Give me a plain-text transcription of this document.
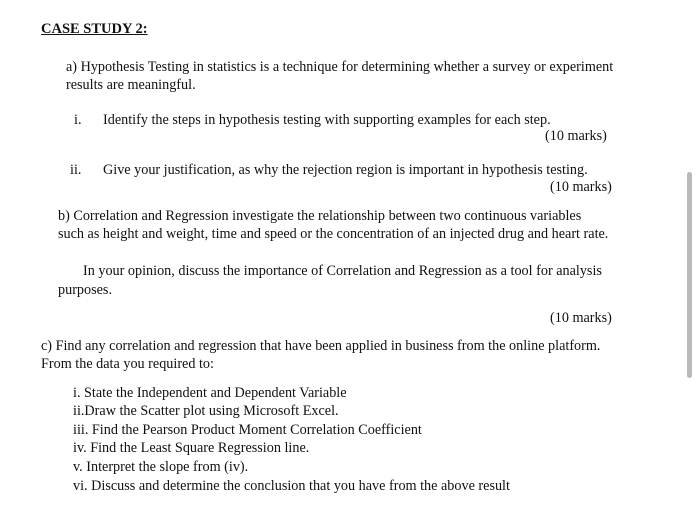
CASE STUDY 2:
a) Hypothesis Testing in statistics is a technique for determining whether a survey or experiment
results are meaningful.
i. Identify the steps in hypothesis testing with supporting examples for each step.
(10 marks)
ii. Give your justification, as why the rejection region is important in hypothesis testing.
(10 marks)
b) Correlation and Regression investigate the relationship between two continuous variables
such as height and weight, time and speed or the concentration of an injected drug and heart rate.
In your opinion, discuss the importance of Correlation and Regression as a tool for analysis
purposes.
(10 marks)
c) Find any correlation and regression that have been applied in business from the online platform.
From the data you required to:
i. State the Independent and Dependent Variable
ii.Draw the Scatter plot using Microsoft Excel.
iii. Find the Pearson Product Moment Correlation Coefficient
iv. Find the Least Square Regression line.
v. Interpret the slope from (iv).
vi. Discuss and determine the conclusion that you have from the above result
